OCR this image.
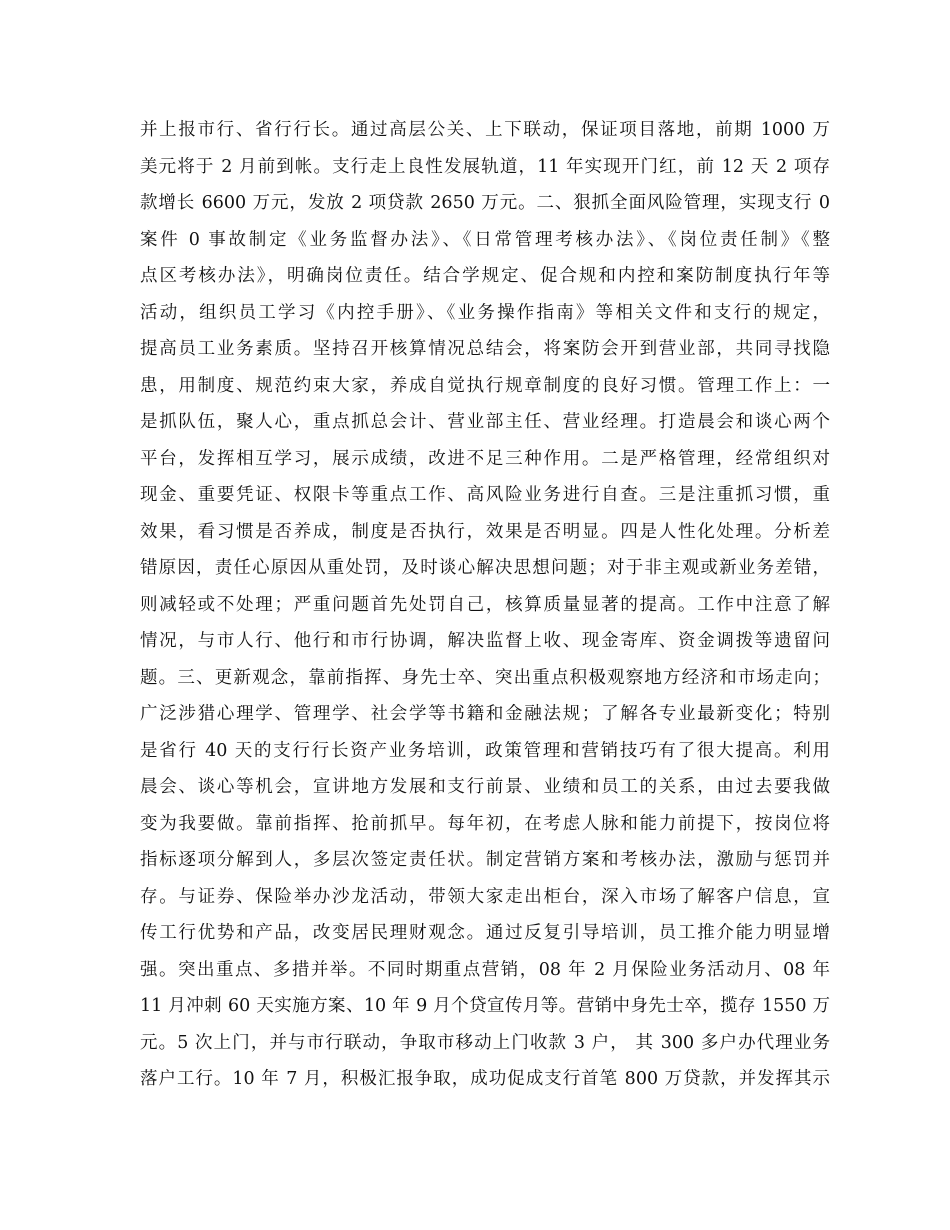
并上报市行、省行行长。通过高层公关、上下联动，保证项目落地，前期 1000 万
美元将于 2 月前到帐。支行走上良性发展轨道，11 年实现开门红，前 12 天 2 项存
款增长 6600 万元，发放 2 项贷款 2650 万元。二、狠抓全面风险管理，实现支行 0
案件 0 事故制定《业务监督办法》、《日常管理考核办法》、《岗位责任制》《整
点区考核办法》，明确岗位责任。结合学规定、促合规和内控和案防制度执行年等
活动，组织员工学习《内控手册》、《业务操作指南》等相关文件和支行的规定，
提高员工业务素质。坚持召开核算情况总结会，将案防会开到营业部，共同寻找隐
患，用制度、规范约束大家，养成自觉执行规章制度的良好习惯。管理工作上：一
是抓队伍，聚人心，重点抓总会计、营业部主任、营业经理。打造晨会和谈心两个
平台，发挥相互学习，展示成绩，改进不足三种作用。二是严格管理，经常组织对
现金、重要凭证、权限卡等重点工作、高风险业务进行自查。三是注重抓习惯，重
效果，看习惯是否养成，制度是否执行，效果是否明显。四是人性化处理。分析差
错原因，责任心原因从重处罚，及时谈心解决思想问题；对于非主观或新业务差错，
则减轻或不处理；严重问题首先处罚自己，核算质量显著的提高。工作中注意了解
情况，与市人行、他行和市行协调，解决监督上收、现金寄库、资金调拨等遗留问
题。三、更新观念，靠前指挥、身先士卒、突出重点积极观察地方经济和市场走向；
广泛涉猎心理学、管理学、社会学等书籍和金融法规；了解各专业最新变化；特别
是省行 40 天的支行行长资产业务培训，政策管理和营销技巧有了很大提高。利用
晨会、谈心等机会，宣讲地方发展和支行前景、业绩和员工的关系，由过去要我做
变为我要做。靠前指挥、抢前抓早。每年初，在考虑人脉和能力前提下，按岗位将
指标逐项分解到人，多层次签定责任状。制定营销方案和考核办法，激励与惩罚并
存。与证券、保险举办沙龙活动，带领大家走出柜台，深入市场了解客户信息，宣
传工行优势和产品，改变居民理财观念。通过反复引导培训，员工推介能力明显增
强。突出重点、多措并举。不同时期重点营销，08 年 2 月保险业务活动月、08 年
11 月冲刺 60 天实施方案、10 年 9 月个贷宣传月等。营销中身先士卒，揽存 1550 万
元。5 次上门，并与市行联动，争取市移动上门收款 3 户， 其 300 多户办代理业务
落户工行。10 年 7 月，积极汇报争取，成功促成支行首笔 800 万贷款，并发挥其示
